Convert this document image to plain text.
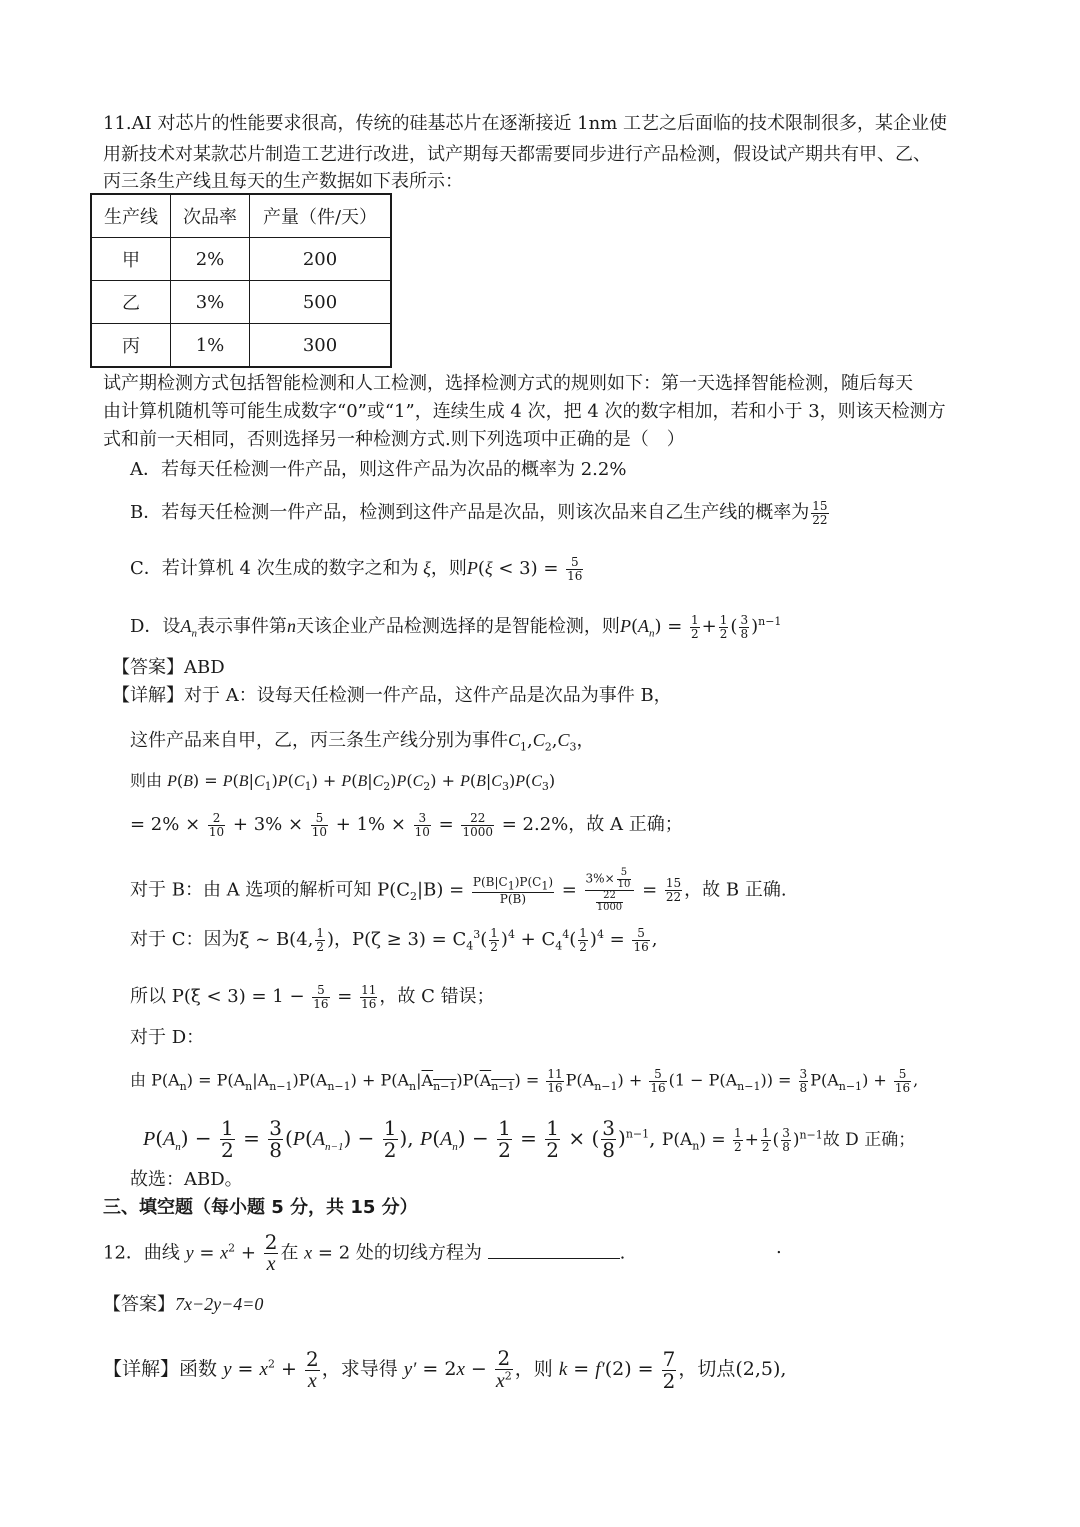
11.AI 对芯片的性能要求很高，传统的硅基芯片在逐渐接近 1nm 工艺之后面临的技术限制很多，某企业使
用新技术对某款芯片制造工艺进行改进，试产期每天都需要同步进行产品检测，假设试产期共有甲、乙、
丙三条生产线且每天的生产数据如下表所示：
生产线	次品率	产量（件/天）
甲	2%	200
乙	3%	500
丙	1%	300
试产期检测方式包括智能检测和人工检测，选择检测方式的规则如下：第一天选择智能检测，随后每天
由计算机随机等可能生成数字“0”或“1”，连续生成 4 次，把 4 次的数字相加，若和小于 3，则该天检测方
式和前一天相同，否则选择另一种检测方式.则下列选项中正确的是（　）
A．若每天任检测一件产品，则这件产品为次品的概率为 2.2%
B．若每天任检测一件产品，检测到这件产品是次品，则该次品来自乙生产线的概率为 $\frac{15}{22}$
C．若计算机 4 次生成的数字之和为 ξ，则$P(\xi < 3) = \frac{5}{16}$
D．设$A_n$表示事件第n天该企业产品检测选择的是智能检测，则$P(A_n) = \frac{1}{2} + \frac{1}{2}$ ( $\frac{3}{8} )^{n-1}$
【答案】ABD
【详解】对于 A：设每天任检测一件产品，这件产品是次品为事件 B，
这件产品来自甲，乙，丙三条生产线分别为事件$C_1,C_2,C_3$，
则由 $P(B) = P(B|C_1)P(C_1) + P(B|C_2)P(C_2) + P(B|C_3)P(C_3)$
= $2\% \times \frac{2}{10} + 3\% \times \frac{5}{10} + 1\% \times \frac{3}{10} = \frac{22}{1000} = 2.2\%$，故 A 正确；
对于 B：由 A 选项的解析可知 $P(C_2|B) = \frac{P(B|C_1)P(C_1)}{P(B)} = \frac{3\%\times \frac{5}{10}}{\frac{22}{1000}} = \frac{15}{22}$ ，故 B 正确.
对于 C：因为ξ ~ B(4, $\frac{1}{2}$ )，$P(\zeta \ge 3) = C_4^3( \frac{1}{2} )^4 + C_4^4( \frac{1}{2} )^4 = \frac{5}{16}$ ,
所以 $P(\xi < 3) = 1 - \frac{5}{16} = \frac{11}{16}$ ，故 C 错误；
对于 D：
由 $P(A_n) = P(A_n|A_{n-1})P(A_{n-1}) + P(A_n|A_{n-1})P(A_{n-1}) = \frac{11}{16} P(A_{n-1}) + \frac{5}{16} (1 - P(A_{n-1})) = \frac{3}{8} P(A_{n-1}) + \frac{5}{16}$ ,
$P(A_n) - \frac{1}{2} = \frac{3}{8} (P(A_{n-1}) - \frac{1}{2}$ ), $P(A_n) - \frac{1}{2} = \frac{1}{2}$ × ( $\frac{3}{8} )^{n-1}$, $P(A_n) = \frac{1}{2} + \frac{1}{2}$ ( $\frac{3}{8} )^{n-1}$故 D 正确；
故选：ABD。
三、填空题（每小题 5 分，共 15 分）
12．曲线 $y = x^2 + \frac{2}{x}$ 在 x = 2 处的切线方程为	.	.
【答案】7x−2y−4=0
【详解】函数 $y = x^2 + \frac{2}{x}$ ，求导得 $y' = 2x - \frac{2}{x^2}$ ，则 $k = f'(2) = \frac{7}{2}$ ，切点(2,5),
